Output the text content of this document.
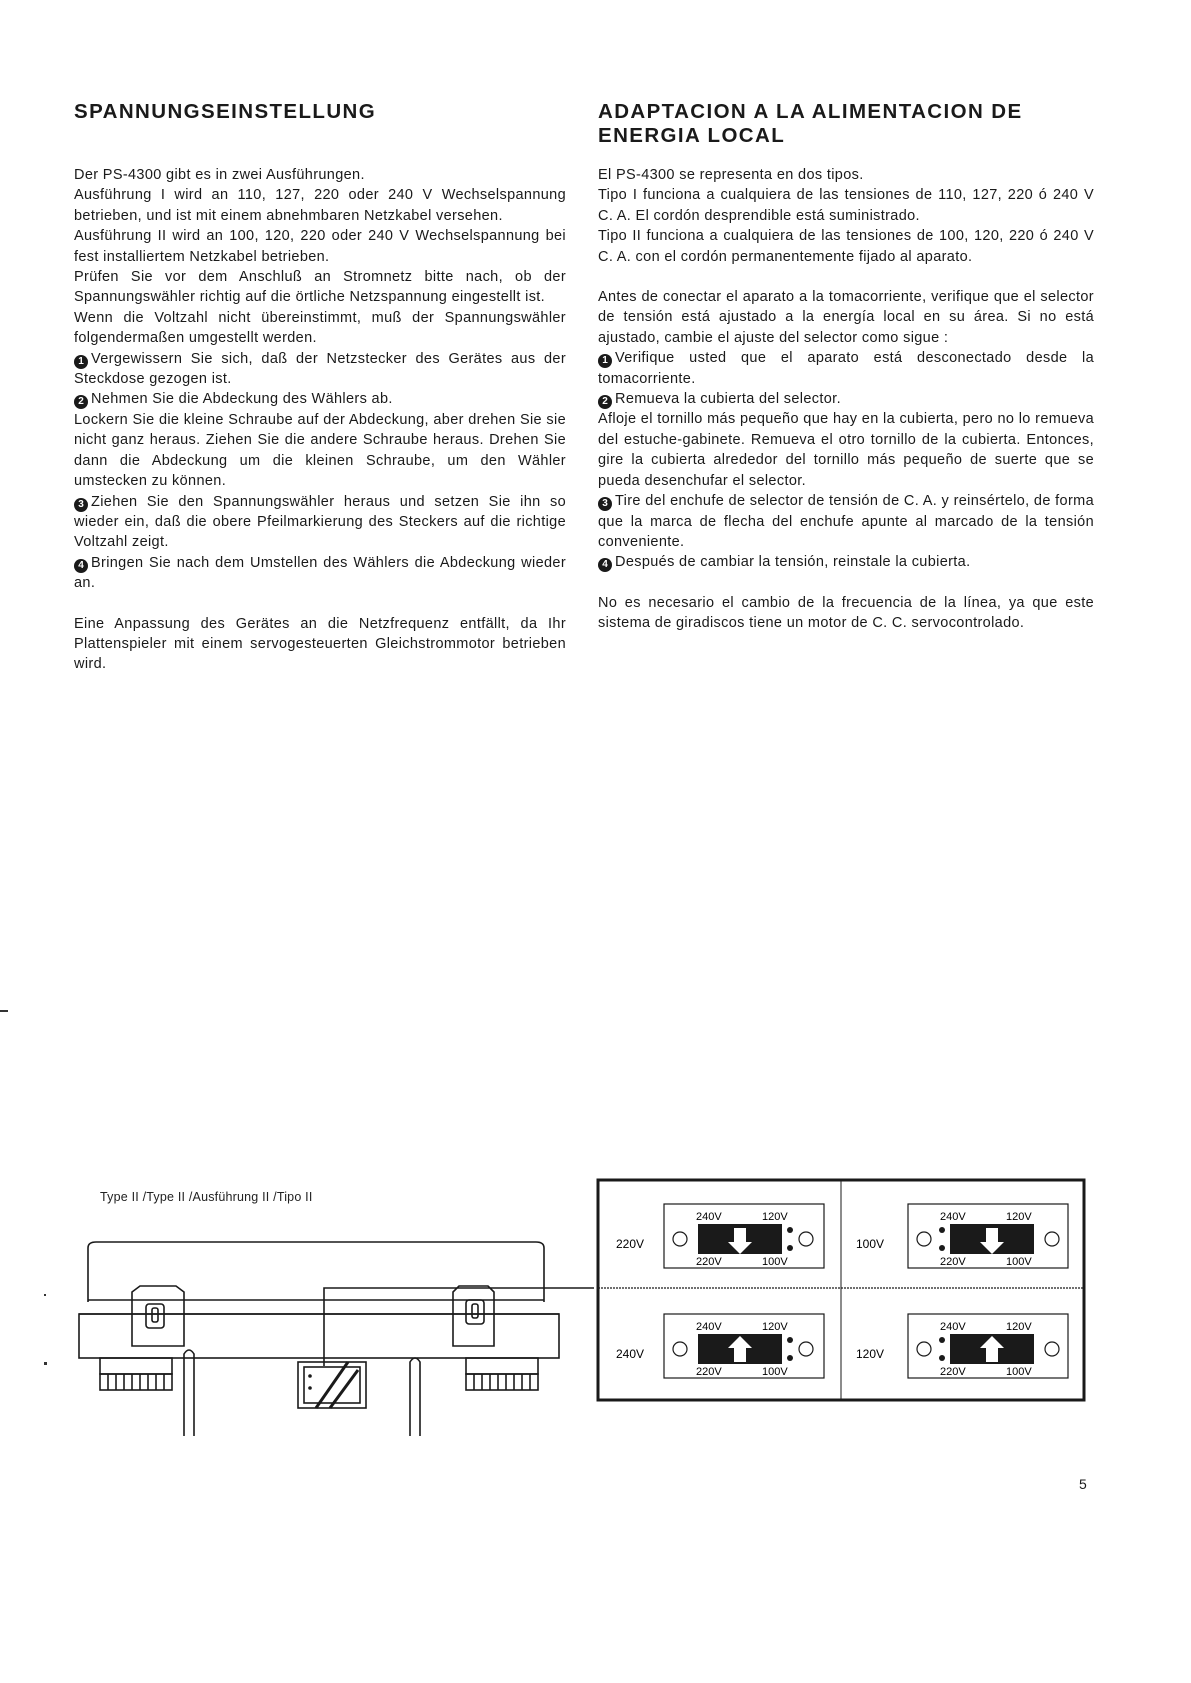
SPANNUNGSEINSTELLUNG

Der PS-4300 gibt es in zwei Ausführungen.

Ausführung I wird an 110, 127, 220 oder 240 V Wechselspannung betrieben, und ist mit einem abnehmbaren Netzkabel versehen.

Ausführung II wird an 100, 120, 220 oder 240 V Wechselspannung bei fest installiertem Netzkabel betrieben.

Prüfen Sie vor dem Anschluß an Stromnetz bitte nach, ob der Spannungswähler richtig auf die örtliche Netzspannung eingestellt ist.

Wenn die Voltzahl nicht übereinstimmt, muß der Spannungswähler folgendermaßen umgestellt werden.

1 Vergewissern Sie sich, daß der Netzstecker des Gerätes aus der Steckdose gezogen ist.

2 Nehmen Sie die Abdeckung des Wählers ab.

Lockern Sie die kleine Schraube auf der Abdeckung, aber drehen Sie sie nicht ganz heraus. Ziehen Sie die andere Schraube heraus. Drehen Sie dann die Abdeckung um die kleinen Schraube, um den Wähler umstecken zu können.

3 Ziehen Sie den Spannungswähler heraus und setzen Sie ihn so wieder ein, daß die obere Pfeilmarkierung des Steckers auf die richtige Voltzahl zeigt.

4 Bringen Sie nach dem Umstellen des Wählers die Abdeckung wieder an.

Eine Anpassung des Gerätes an die Netzfrequenz entfällt, da Ihr Plattenspieler mit einem servogesteuerten Gleichstrommotor betrieben wird.

ADAPTACION A LA ALIMENTACION DE ENERGIA LOCAL

El PS-4300 se representa en dos tipos.

Tipo I funciona a cualquiera de las tensiones de 110, 127, 220 ó 240 V C. A. El cordón desprendible está suministrado.

Tipo II funciona a cualquiera de las tensiones de 100, 120, 220 ó 240 V C. A. con el cordón permanentemente fijado al aparato.

Antes de conectar el aparato a la tomacorriente, verifique que el selector de tensión está ajustado a la energía local en su área. Si no está ajustado, cambie el ajuste del selector como sigue :

1 Verifique usted que el aparato está desconectado desde la tomacorriente.

2 Remueva la cubierta del selector.

Afloje el tornillo más pequeño que hay en la cubierta, pero no lo remueva del estuche-gabinete. Remueva el otro tornillo de la cubierta. Entonces, gire la cubierta alrededor del tornillo más pequeño de suerte que se pueda desenchufar el selector.

3 Tire del enchufe de selector de tensión de C. A. y reinsértelo, de forma que la marca de flecha del enchufe apunte al marcado de la tensión conveniente.

4 Después de cambiar la tensión, reinstale la cubierta.

No es necesario el cambio de la frecuencia de la línea, ya que este sistema de giradiscos tiene un motor de C. C. servocontrolado.

Type II /Type II /Ausführung II /Tipo II
220V
240V	120V
220V	100V
100V
240V	120V
220V	100V
240V
240V	120V
220V	100V
120V
240V	120V
220V	100V
5
